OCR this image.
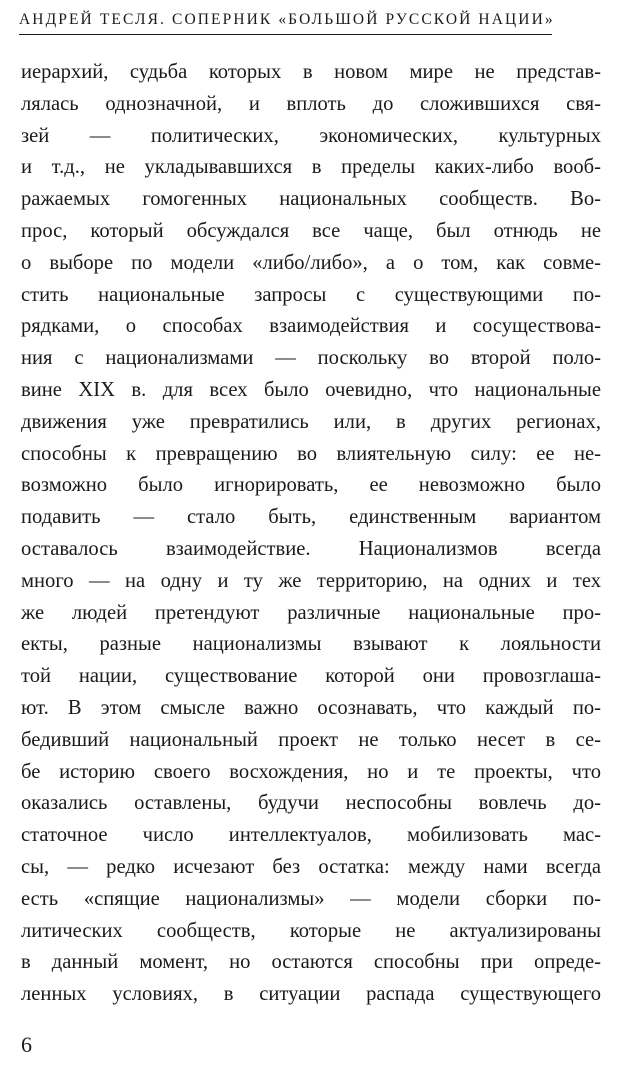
АНДРЕЙ ТЕСЛЯ. СОПЕРНИК «БОЛЬШОЙ РУССКОЙ НАЦИИ»
иерархий, судьба которых в новом мире не представ-
лялась однозначной, и вплоть до сложившихся свя-
зей — политических, экономических, культурных
и т.д., не укладывавшихся в пределы каких-либо вооб-
ражаемых гомогенных национальных сообществ. Во-
прос, который обсуждался все чаще, был отнюдь не
о выборе по модели «либо/либо», а о том, как совме-
стить национальные запросы с существующими по-
рядками, о способах взаимодействия и сосуществова-
ния с национализмами — поскольку во второй поло-
вине XIX в. для всех было очевидно, что национальные
движения уже превратились или, в других регионах,
способны к превращению во влиятельную силу: ее не-
возможно было игнорировать, ее невозможно было
подавить — стало быть, единственным вариантом
оставалось взаимодействие. Национализмов всегда
много — на одну и ту же территорию, на одних и тех
же людей претендуют различные национальные про-
екты, разные национализмы взывают к лояльности
той нации, существование которой они провозглаша-
ют. В этом смысле важно осознавать, что каждый по-
бедивший национальный проект не только несет в се-
бе историю своего восхождения, но и те проекты, что
оказались оставлены, будучи неспособны вовлечь до-
статочное число интеллектуалов, мобилизовать мас-
сы, — редко исчезают без остатка: между нами всегда
есть «спящие национализмы» — модели сборки по-
литических сообществ, которые не актуализированы
в данный момент, но остаются способны при опреде-
ленных условиях, в ситуации распада существующего
6
